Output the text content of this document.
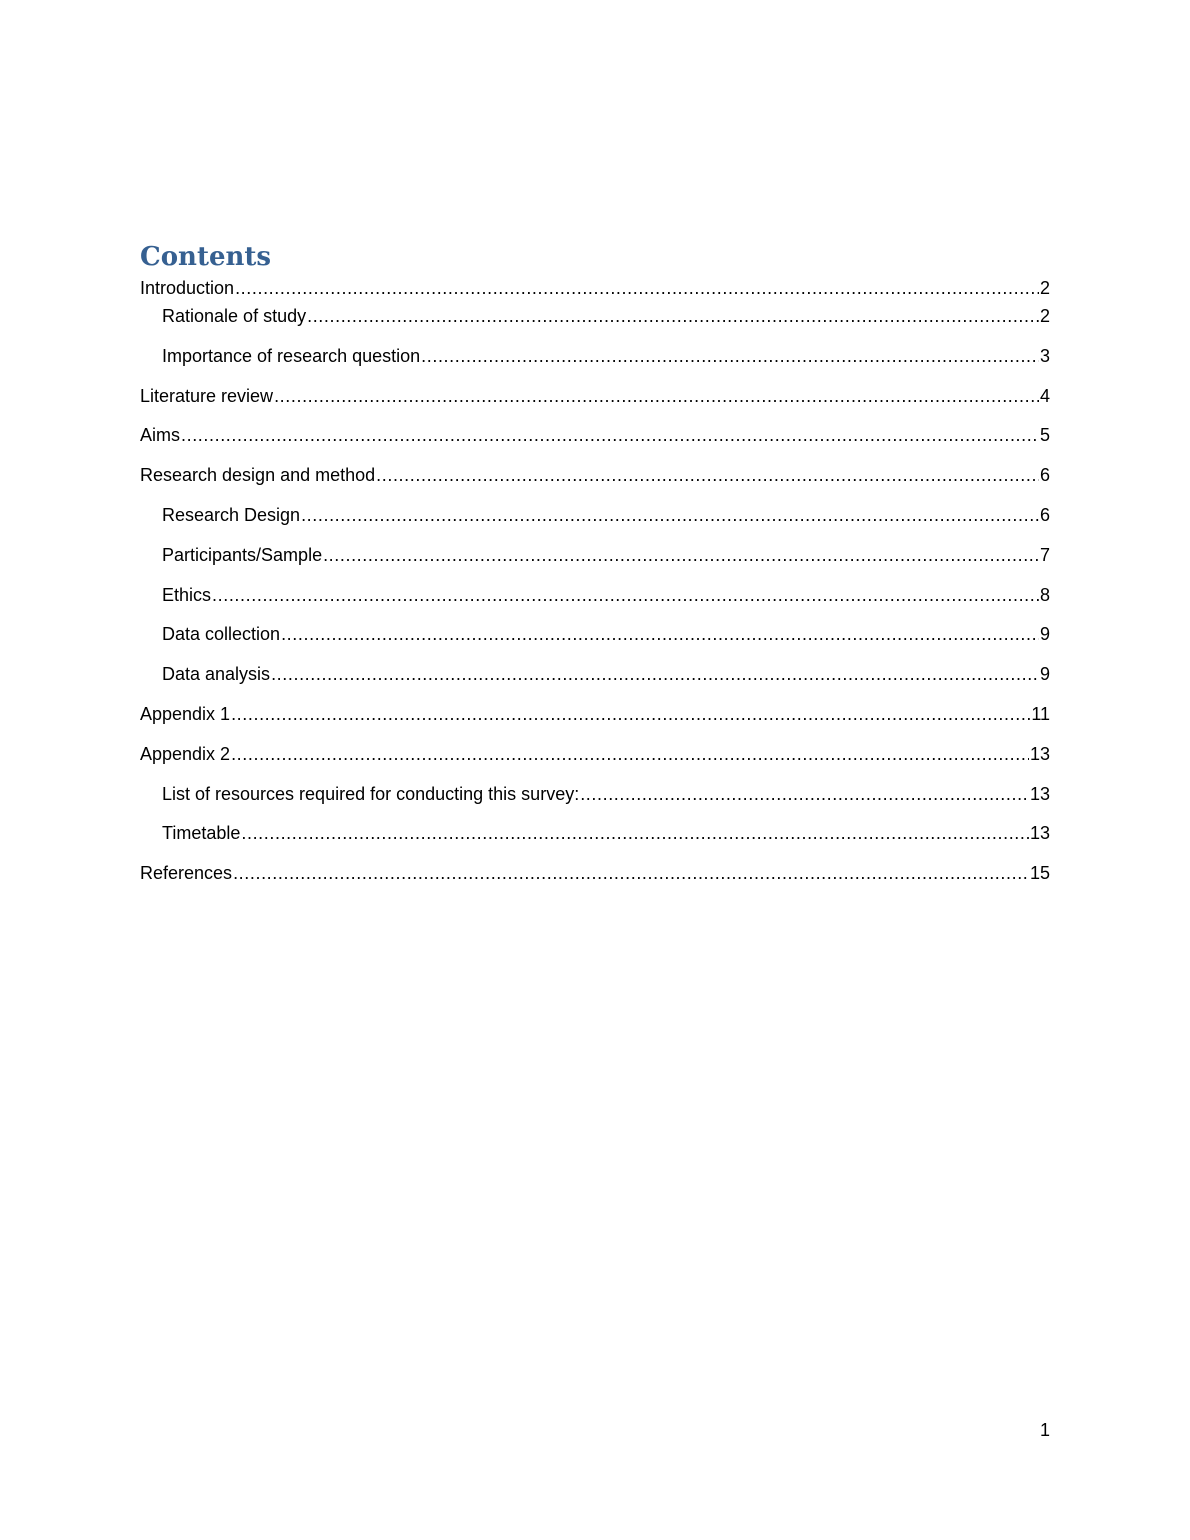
Contents
Introduction .....	2
Rationale of study .....	2
Importance of research question .....	3
Literature review .....	4
Aims .....	5
Research design and method .....	6
Research Design .....	6
Participants/Sample .....	7
Ethics .....	8
Data collection .....	9
Data analysis .....	9
Appendix 1 .....	11
Appendix 2 .....	13
List of resources required for conducting this survey: .....	13
Timetable .....	13
References .....	15
1
